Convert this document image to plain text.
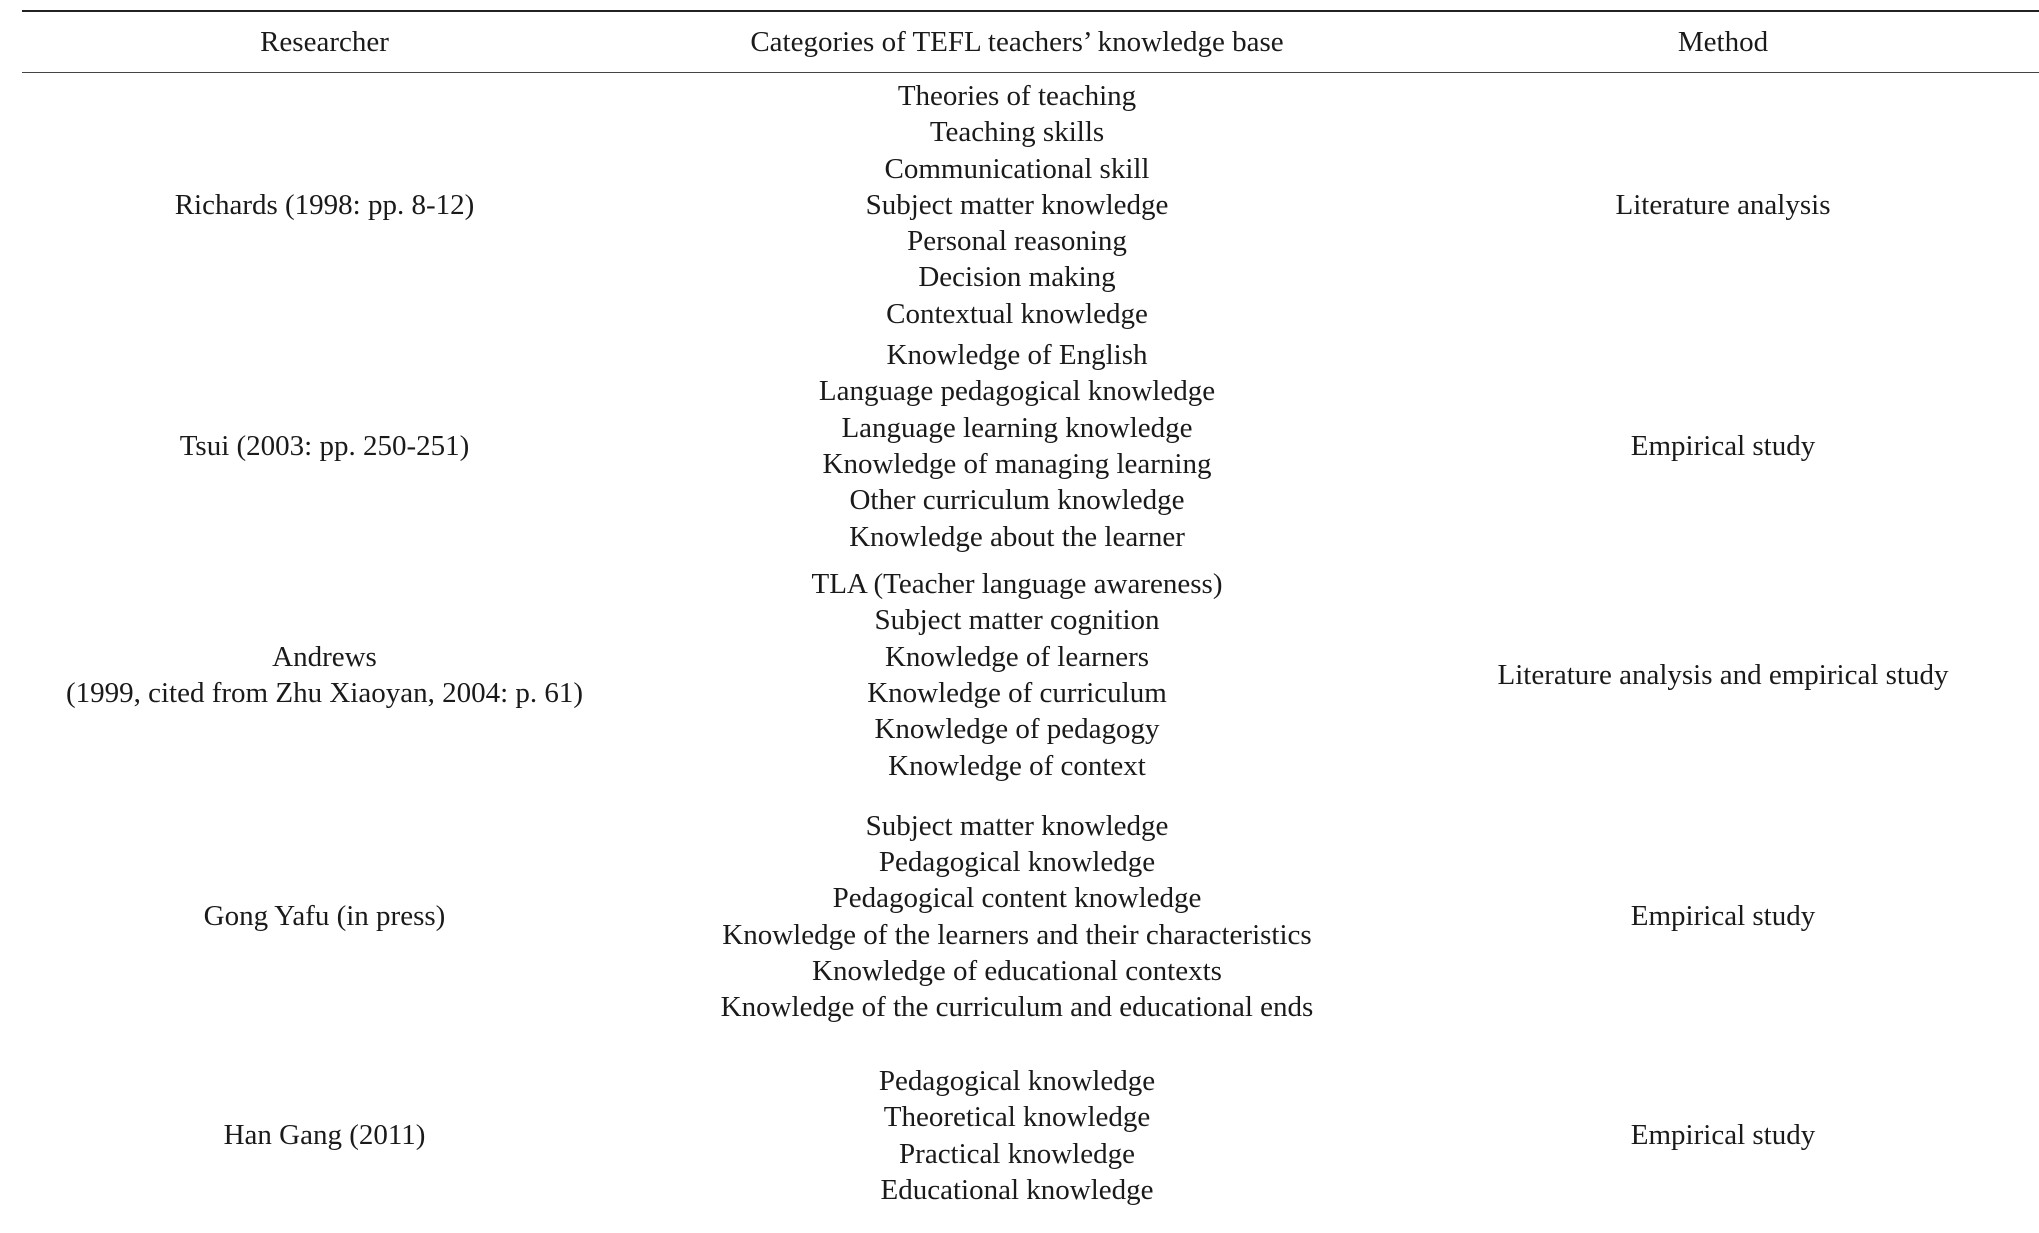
Researcher	Categories of TEFL teachers’ knowledge base	Method
Richards (1998: pp. 8-12)
Theories of teaching
Teaching skills
Communicational skill
Subject matter knowledge
Personal reasoning
Decision making
Contextual knowledge
Literature analysis
Tsui (2003: pp. 250-251)
Knowledge of English
Language pedagogical knowledge
Language learning knowledge
Knowledge of managing learning
Other curriculum knowledge
Knowledge about the learner
Empirical study
Andrews
(1999, cited from Zhu Xiaoyan, 2004: p. 61)
TLA (Teacher language awareness)
Subject matter cognition
Knowledge of learners
Knowledge of curriculum
Knowledge of pedagogy
Knowledge of context
Literature analysis and empirical study
Gong Yafu (in press)
Subject matter knowledge
Pedagogical knowledge
Pedagogical content knowledge
Knowledge of the learners and their characteristics
Knowledge of educational contexts
Knowledge of the curriculum and educational ends
Empirical study
Han Gang (2011)
Pedagogical knowledge
Theoretical knowledge
Practical knowledge
Educational knowledge
Empirical study
